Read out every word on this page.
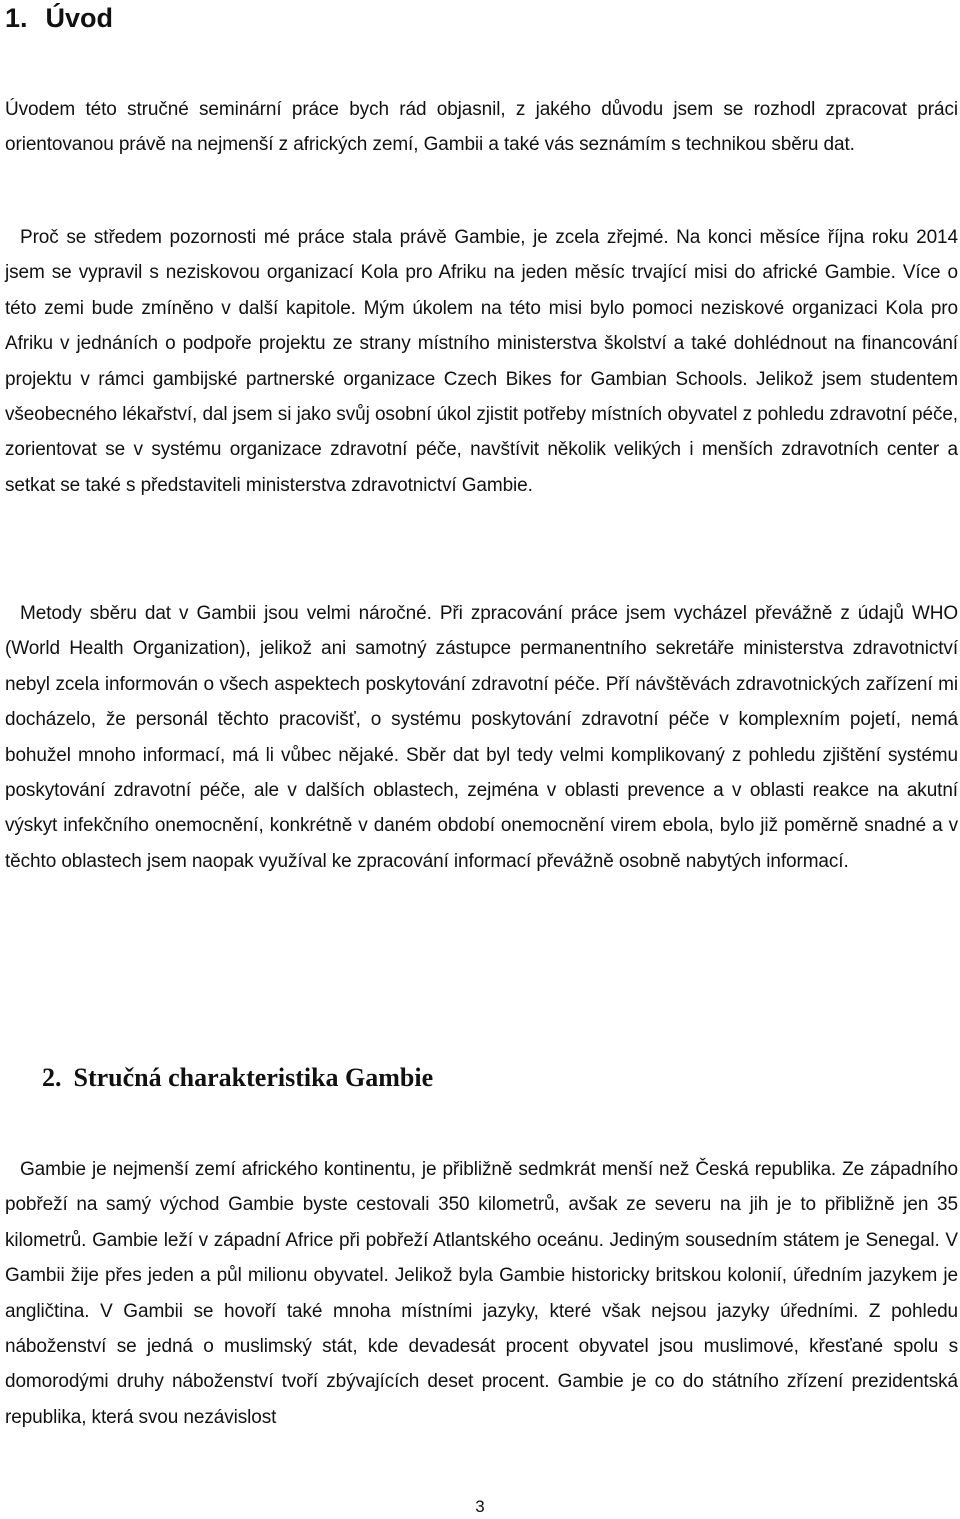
1. Úvod

Úvodem této stručné seminární práce bych rád objasnil, z jakého důvodu jsem se rozhodl zpracovat práci orientovanou právě na nejmenší z afrických zemí, Gambii a také vás seznámím s technikou sběru dat.

Proč se středem pozornosti mé práce stala právě Gambie, je zcela zřejmé. Na konci měsíce října roku 2014 jsem se vypravil s neziskovou organizací Kola pro Afriku na jeden měsíc trvající misi do africké Gambie. Více o této zemi bude zmíněno v další kapitole. Mým úkolem na této misi bylo pomoci neziskové organizaci Kola pro Afriku v jednáních o podpoře projektu ze strany místního ministerstva školství a také dohlédnout na financování projektu v rámci gambijské partnerské organizace Czech Bikes for Gambian Schools. Jelikož jsem studentem všeobecného lékařství, dal jsem si jako svůj osobní úkol zjistit potřeby místních obyvatel z pohledu zdravotní péče, zorientovat se v systému organizace zdravotní péče, navštívit několik velikých i menších zdravotních center a setkat se také s představiteli ministerstva zdravotnictví Gambie.

Metody sběru dat v Gambii jsou velmi náročné. Při zpracování práce jsem vycházel převážně z údajů WHO (World Health Organization), jelikož ani samotný zástupce permanentního sekretáře ministerstva zdravotnictví nebyl zcela informován o všech aspektech poskytování zdravotní péče. Pří návštěvách zdravotnických zařízení mi docházelo, že personál těchto pracovišť, o systému poskytování zdravotní péče v komplexním pojetí, nemá bohužel mnoho informací, má li vůbec nějaké. Sběr dat byl tedy velmi komplikovaný z pohledu zjištění systému poskytování zdravotní péče, ale v dalších oblastech, zejména v oblasti prevence a v oblasti reakce na akutní výskyt infekčního onemocnění, konkrétně v daném období onemocnění virem ebola, bylo již poměrně snadné a v těchto oblastech jsem naopak využíval ke zpracování informací převážně osobně nabytých informací.

2. Stručná charakteristika Gambie

Gambie je nejmenší zemí afrického kontinentu, je přibližně sedmkrát menší než Česká republika. Ze západního pobřeží na samý východ Gambie byste cestovali 350 kilometrů, avšak ze severu na jih je to přibližně jen 35 kilometrů. Gambie leží v západní Africe při pobřeží Atlantského oceánu. Jediným sousedním státem je Senegal. V Gambii žije přes jeden a půl milionu obyvatel. Jelikož byla Gambie historicky britskou kolonií, úředním jazykem je angličtina. V Gambii se hovoří také mnoha místními jazyky, které však nejsou jazyky úředními. Z pohledu náboženství se jedná o muslimský stát, kde devadesát procent obyvatel jsou muslimové, křesťané spolu s domorodými druhy náboženství tvoří zbývajících deset procent. Gambie je co do státního zřízení prezidentská republika, která svou nezávislost

3
